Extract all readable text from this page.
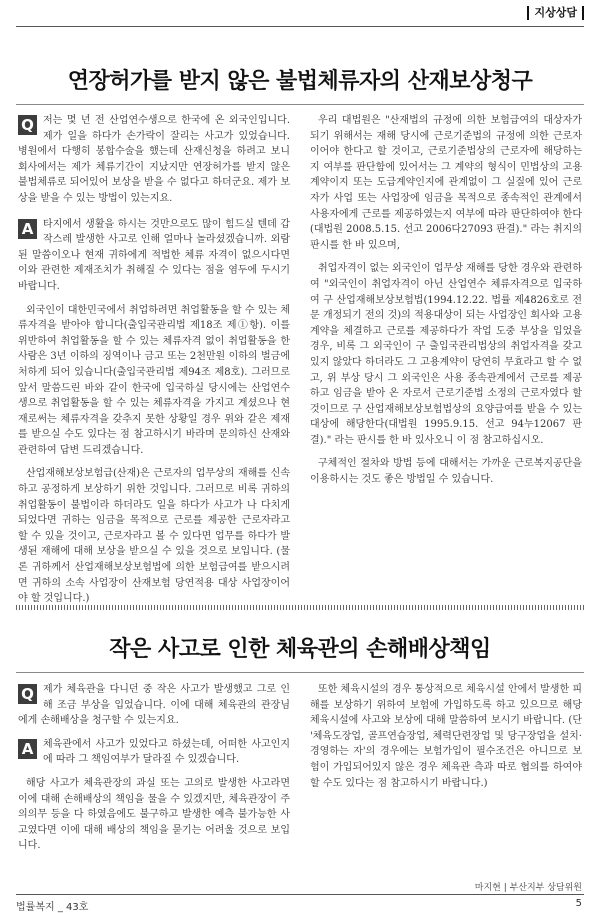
지상상담
연장허가를 받지 않은 불법체류자의 산재보상청구

Q 저는 몇 년 전 산업연수생으로 한국에 온 외국인입니다. 제가 일을 하다가 손가락이 잘리는 사고가 있었습니다. 병원에서 다행히 봉합수술을 했는데 산재신청을 하려고 보니 회사에서는 제가 체류기간이 지났지만 연장허가를 받지 않은 불법체류로 되어있어 보상을 받을 수 없다고 하더군요. 제가 보상을 받을 수 있는 방법이 있는지요.

A 타지에서 생활을 하시는 것만으로도 많이 힘드실 텐데 갑작스레 발생한 사고로 인해 얼마나 놀라셨겠습니까. 외람된 말씀이오나 현재 귀하에게 적법한 체류 자격이 없으시다면 이와 관련한 제재조치가 취해질 수 있다는 점을 염두에 두시기 바랍니다.

외국인이 대한민국에서 취업하려면 취업활동을 할 수 있는 체류자격을 받아야 합니다(출입국관리법 제18조 제①항). 이를 위반하여 취업활동을 할 수 있는 체류자격 없이 취업활동을 한 사람은 3년 이하의 징역이나 금고 또는 2천만원 이하의 벌금에 처하게 되어 있습니다(출입국관리법 제94조 제8호). 그러므로 앞서 말씀드린 바와 같이 한국에 입국하실 당시에는 산업연수생으로 취업활동을 할 수 있는 체류자격을 가지고 계셨으나 현재로써는 체류자격을 갖추지 못한 상황일 경우 위와 같은 제재를 받으실 수도 있다는 점 참고하시기 바라며 문의하신 산재와 관련하여 답변 드리겠습니다.

산업재해보상보험급(산재)은 근로자의 업무상의 재해를 신속하고 공정하게 보상하기 위한 것입니다. 그러므로 비록 귀하의 취업활동이 불법이라 하더라도 일을 하다가 사고가 나 다치게 되었다면 귀하는 임금을 목적으로 근로를 제공한 근로자라고 할 수 있을 것이고, 근로자라고 볼 수 있다면 업무를 하다가 발생된 재해에 대해 보상을 받으실 수 있을 것으로 보입니다. (물론 귀하께서 산업재해보상보험법에 의한 보험급여를 받으시려면 귀하의 소속 사업장이 산재보험 당연적용 대상 사업장이어야 할 것입니다.)

우리 대법원은 "산재법의 규정에 의한 보험급여의 대상자가 되기 위해서는 재해 당시에 근로기준법의 규정에 의한 근로자이어야 한다고 할 것이고, 근로기준법상의 근로자에 해당하는지 여부를 판단함에 있어서는 그 계약의 형식이 민법상의 고용계약이지 또는 도급계약인지에 관계없이 그 실질에 있어 근로자가 사업 또는 사업장에 임금을 목적으로 종속적인 관계에서 사용자에게 근로를 제공하였는지 여부에 따라 판단하여야 한다(대법원 2008.5.15. 선고 2006다27093 판결)." 라는 취지의 판시를 한 바 있으며,

취업자격이 없는 외국인이 업무상 재해를 당한 경우와 관련하여 "외국인이 취업자격이 아닌 산업연수 체류자격으로 입국하여 구 산업재해보상보험법(1994.12.22. 법률 제4826호로 전문 개정되기 전의 것)의 적용대상이 되는 사업장인 회사와 고용계약을 체결하고 근로를 제공하다가 작업 도중 부상을 입었을 경우, 비록 그 외국인이 구 출입국관리법상의 취업자격을 갖고 있지 않았다 하더라도 그 고용계약이 당연히 무효라고 할 수 없고, 위 부상 당시 그 외국인은 사용 종속관계에서 근로를 제공하고 임금을 받아 온 자로서 근로기준법 소정의 근로자였다 할 것이므로 구 산업재해보상보험법상의 요양급여를 받을 수 있는 대상에 해당한다(대법원 1995.9.15. 선고 94누12067 판결)." 라는 판시를 한 바 있사오니 이 점 참고하십시오.

구체적인 절차와 방법 등에 대해서는 가까운 근로복지공단을 이용하시는 것도 좋은 방법일 수 있습니다.

작은 사고로 인한 체육관의 손해배상책임

Q 제가 체육관을 다니던 중 작은 사고가 발생했고 그로 인해 조금 부상을 입었습니다. 이에 대해 체육관의 관장님에게 손해배상을 청구할 수 있는지요.

A 체육관에서 사고가 있었다고 하셨는데, 어떠한 사고인지에 따라 그 책임여부가 달라질 수 있겠습니다.

해당 사고가 체육관장의 과실 또는 고의로 발생한 사고라면 이에 대해 손해배상의 책임을 물을 수 있겠지만, 체육관장이 주의의무 등을 다 하였음에도 불구하고 발생한 예측 불가능한 사고였다면 이에 대해 배상의 책임을 묻기는 어려울 것으로 보입니다.

또한 체육시설의 경우 통상적으로 체육시설 안에서 발생한 피해를 보상하기 위하여 보험에 가입하도록 하고 있으므로 해당 체육시설에 사고와 보상에 대해 말씀하여 보시기 바랍니다. (단 '체육도장업, 골프연습장업, 체력단련장업 및 당구장업을 설치·경영하는 자'의 경우에는 보험가입이 필수조건은 아니므로 보험이 가입되어있지 않은 경우 체육관 측과 따로 협의를 하여야 할 수도 있다는 점 참고하시기 바랍니다.)

마지현 | 부산지부 상담위원
법률복지 _ 43호	5
